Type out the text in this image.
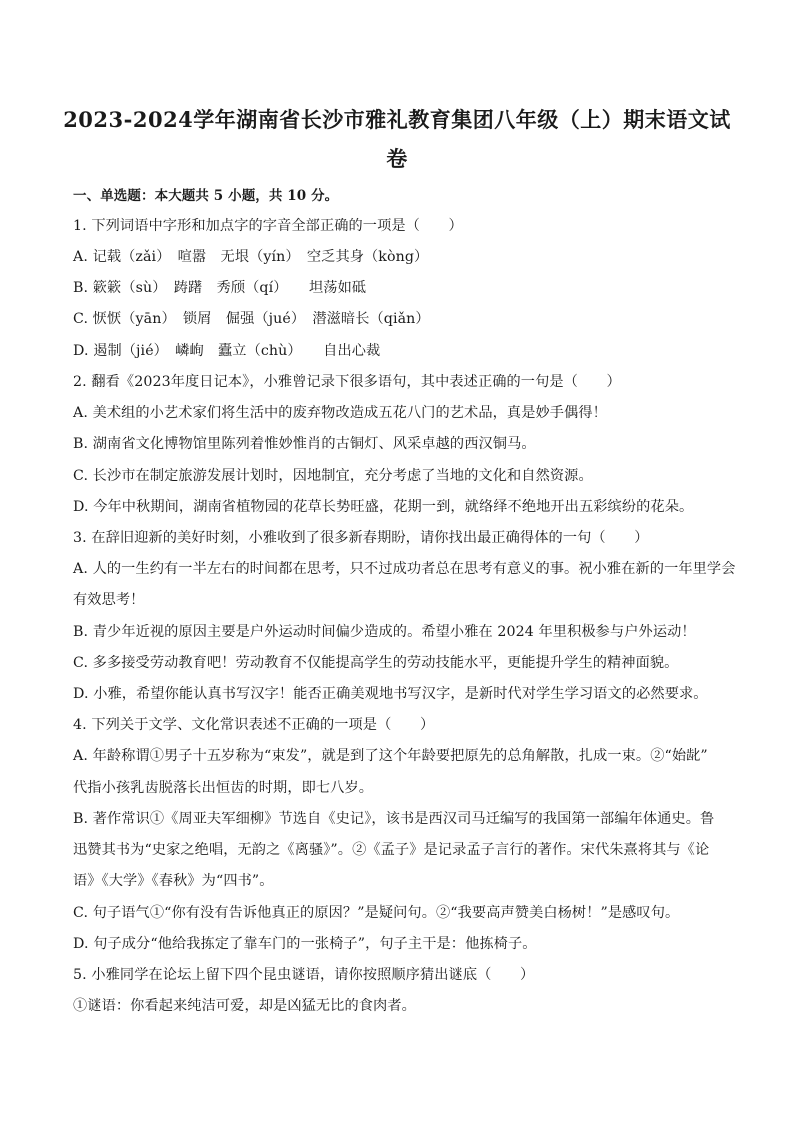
2023-2024学年湖南省长沙市雅礼教育集团八年级（上）期末语文试
卷
一、单选题：本大题共 5 小题，共 10 分。
1. 下列词语中字形和加点字的字音全部正确的一项是（　　）
A. 记载（zǎi）　喧嚣　无垠（yín）　空乏其身（kòng）
B. 簌簌（sù）　踌躇　秀颀（qí）　　坦荡如砥
C. 恹恹（yān）　锁屑　倔强（jué）　潜滋暗长（qiǎn）
D. 遏制（jié）　嶙峋　蠹立（chù）　　自出心裁
2. 翻看《2023年度日记本》，小雅曾记录下很多语句，其中表述正确的一句是（　　）
A. 美术组的小艺术家们将生活中的废弃物改造成五花八门的艺术品，真是妙手偶得！
B. 湖南省文化博物馆里陈列着惟妙惟肖的古铜灯、风采卓越的西汉铜马。
C. 长沙市在制定旅游发展计划时，因地制宜，充分考虑了当地的文化和自然资源。
D. 今年中秋期间，湖南省植物园的花草长势旺盛，花期一到，就络绎不绝地开出五彩缤纷的花朵。
3. 在辞旧迎新的美好时刻，小雅收到了很多新春期盼，请你找出最正确得体的一句（　　）
A. 人的一生约有一半左右的时间都在思考，只不过成功者总在思考有意义的事。祝小雅在新的一年里学会
有效思考！
B. 青少年近视的原因主要是户外运动时间偏少造成的。希望小雅在 2024 年里积极参与户外运动！
C. 多多接受劳动教育吧！劳动教育不仅能提高学生的劳动技能水平，更能提升学生的精神面貌。
D. 小雅，希望你能认真书写汉字！能否正确美观地书写汉字，是新时代对学生学习语文的必然要求。
4. 下列关于文学、文化常识表述不正确的一项是（　　）
A. 年龄称谓①男子十五岁称为“束发”，就是到了这个年龄要把原先的总角解散，扎成一束。②“始龀”
代指小孩乳齿脱落长出恒齿的时期，即七八岁。
B. 著作常识①《周亚夫军细柳》节选自《史记》，该书是西汉司马迁编写的我国第一部编年体通史。鲁
迅赞其书为“史家之绝唱，无韵之《离骚》”。②《孟子》是记录孟子言行的著作。宋代朱熹将其与《论
语》《大学》《春秋》为“四书”。
C. 句子语气①“你有没有告诉他真正的原因？”是疑问句。②“我要高声赞美白杨树！”是感叹句。
D. 句子成分“他给我拣定了靠车门的一张椅子”，句子主干是：他拣椅子。
5. 小雅同学在论坛上留下四个昆虫谜语，请你按照顺序猜出谜底（　　）
①谜语：你看起来纯洁可爱，却是凶猛无比的食肉者。
